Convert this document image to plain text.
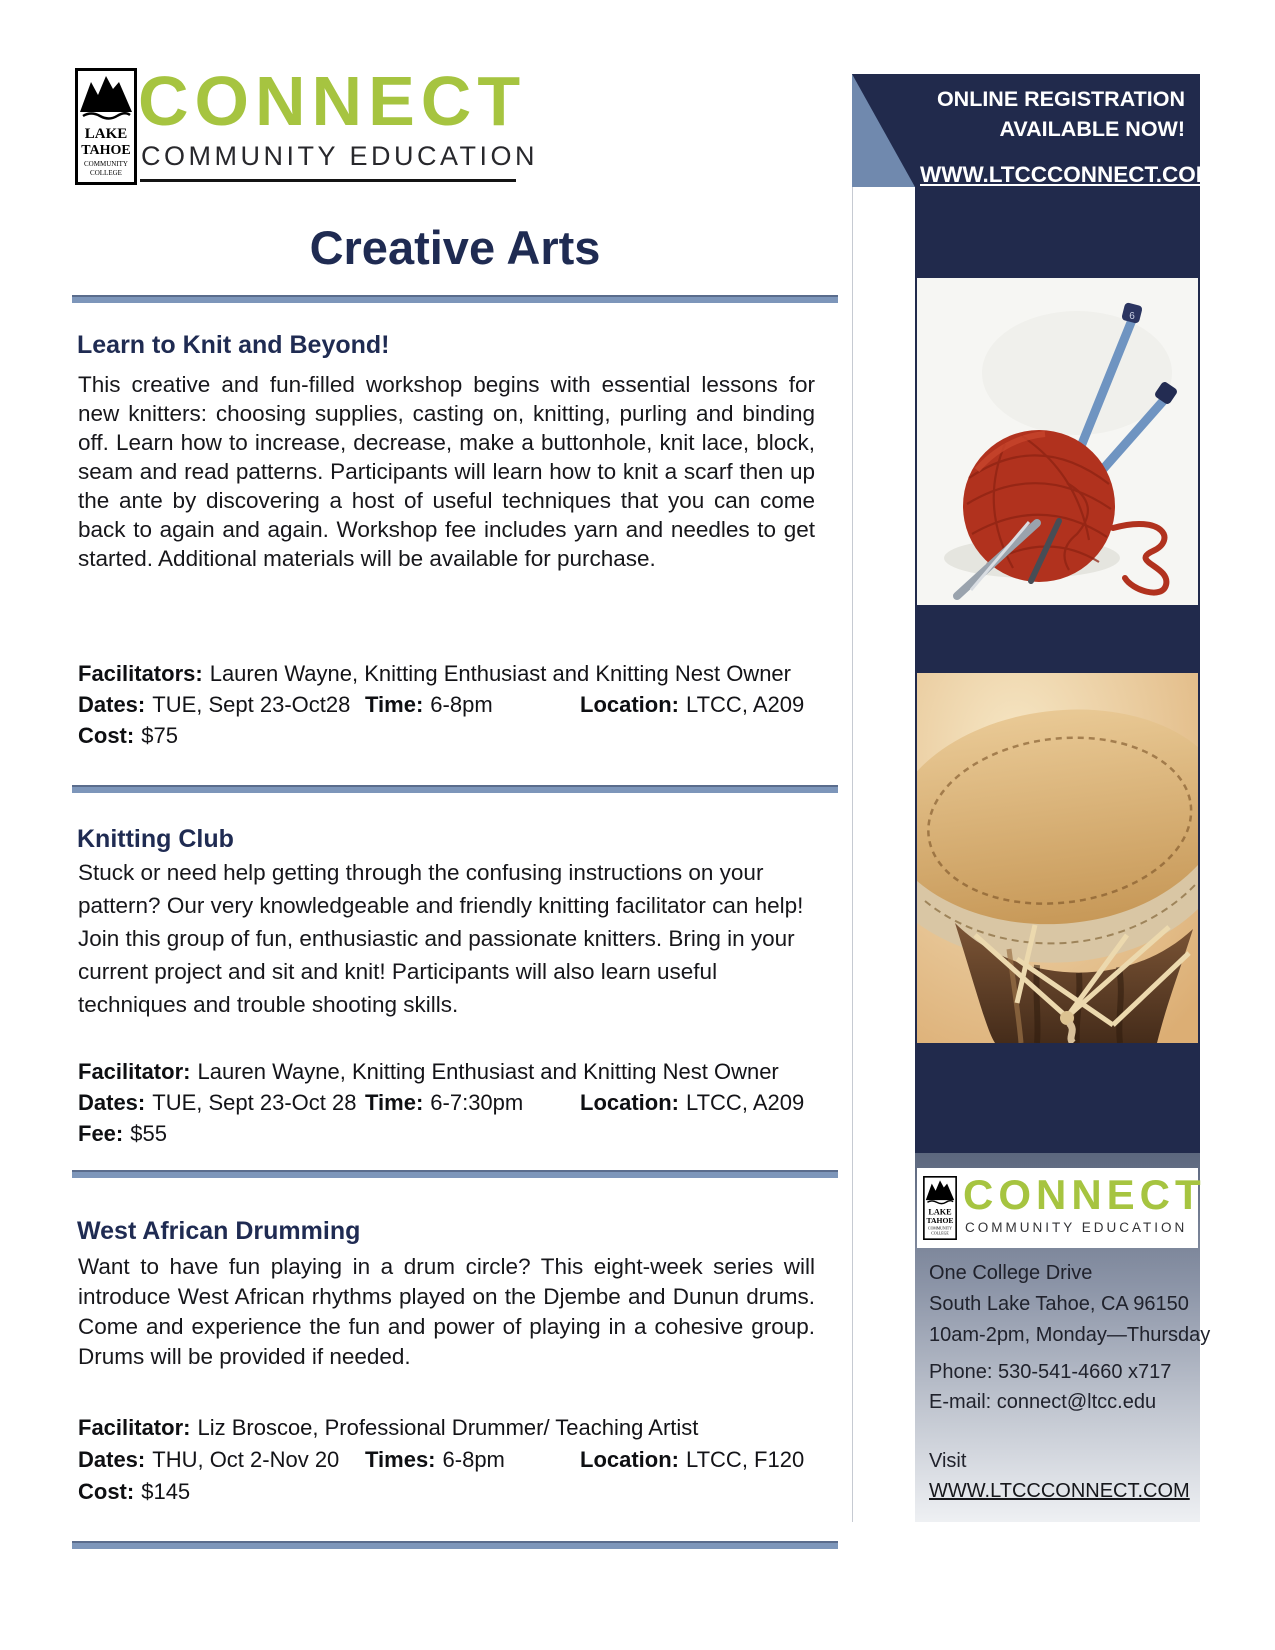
LAKE
TAHOE
COMMUNITY
COLLEGE
CONNECT
COMMUNITY EDUCATION
Creative Arts
Learn to Knit and Beyond!
This creative and fun-filled workshop begins with essential lessons for new knitters: choosing supplies, casting on, knitting, purling and binding off. Learn how to increase, decrease, make a buttonhole, knit lace, block, seam and read patterns. Participants will learn how to knit a scarf then up the ante by discovering a host of useful techniques that you can come back to again and again. Workshop fee includes yarn and needles to get started. Additional materials will be available for purchase.
Facilitators: Lauren Wayne, Knitting Enthusiast and Knitting Nest Owner
Dates: TUE, Sept 23-Oct28 Time: 6-8pm	Location: LTCC, A209
Cost: $75
Knitting Club
Stuck or need help getting through the confusing instructions on your pattern? Our very knowledgeable and friendly knitting facilitator can help! Join this group of fun, enthusiastic and passionate knitters. Bring in your current project and sit and knit! Participants will also learn useful techniques and trouble shooting skills.
Facilitator: Lauren Wayne, Knitting Enthusiast and Knitting Nest Owner
Dates: TUE, Sept 23-Oct 28 Time: 6-7:30pm	Location: LTCC, A209
Fee: $55
West African Drumming
Want to have fun playing in a drum circle? This eight-week series will introduce West African rhythms played on the Djembe and Dunun drums. Come and experience the fun and power of playing in a cohesive group. Drums will be provided if needed.
Facilitator: Liz Broscoe, Professional Drummer/ Teaching Artist
Dates: THU, Oct 2-Nov 20	Times: 6-8pm	Location: LTCC, F120
Cost: $145
ONLINE REGISTRATION
AVAILABLE NOW!
WWW.LTCCCONNECT.COM
6
LAKE
TAHOE
COMMUNITY
COLLEGE
CONNECT
COMMUNITY EDUCATION
One College Drive
South Lake Tahoe, CA 96150
10am-2pm, Monday—Thursday
Phone: 530-541-4660 x717
E-mail: connect@ltcc.edu
Visit
WWW.LTCCCONNECT.COM
